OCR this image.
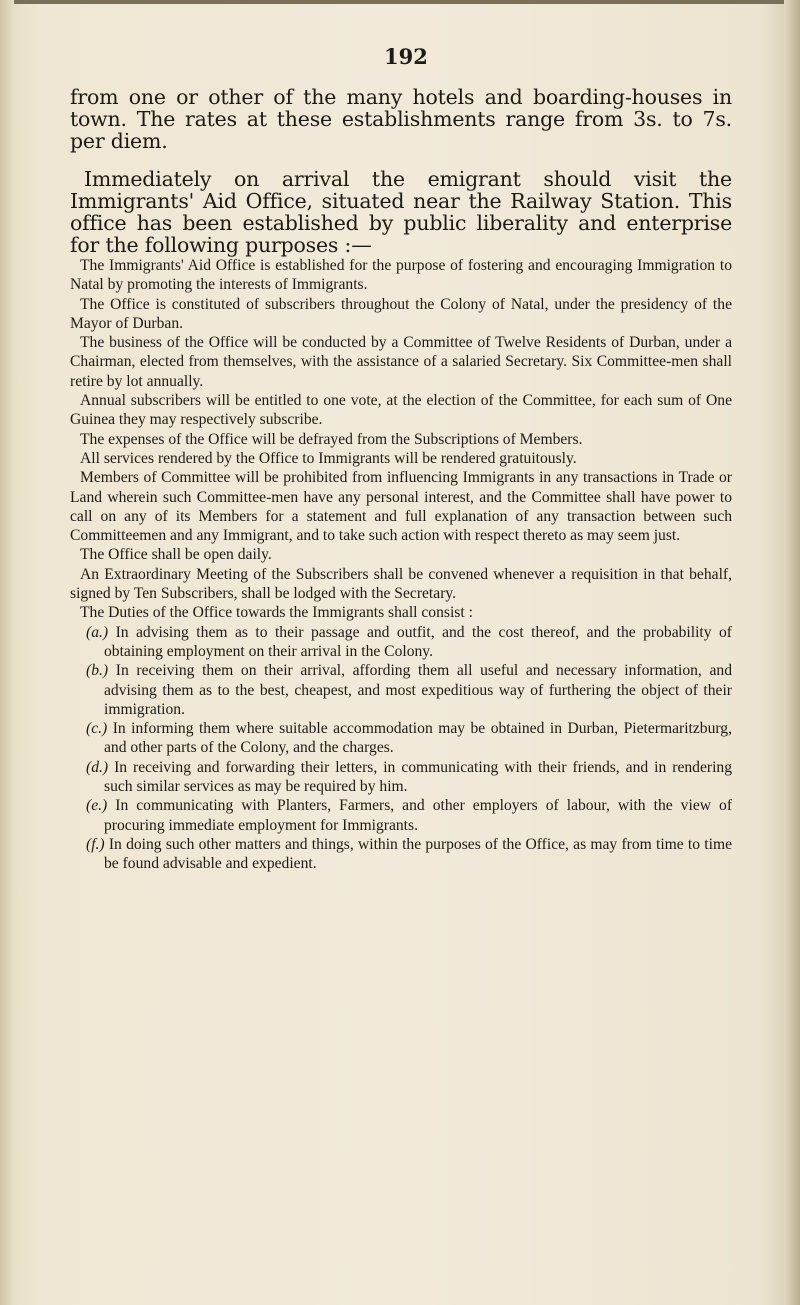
192

from one or other of the many hotels and boarding-houses in town. The rates at these establishments range from 3s. to 7s. per diem.

Immediately on arrival the emigrant should visit the Immigrants' Aid Office, situated near the Railway Station. This office has been established by public liberality and enterprise for the following purposes :—

The Immigrants' Aid Office is established for the purpose of fostering and encouraging Immigration to Natal by promoting the interests of Immigrants.

The Office is constituted of subscribers throughout the Colony of Natal, under the presidency of the Mayor of Durban.

The business of the Office will be conducted by a Committee of Twelve Residents of Durban, under a Chairman, elected from themselves, with the assistance of a salaried Secretary. Six Committee-men shall retire by lot annually.

Annual subscribers will be entitled to one vote, at the election of the Committee, for each sum of One Guinea they may respectively subscribe.

The expenses of the Office will be defrayed from the Subscriptions of Members.

All services rendered by the Office to Immigrants will be rendered gratuitously.

Members of Committee will be prohibited from influencing Immigrants in any transactions in Trade or Land wherein such Committee-men have any personal interest, and the Committee shall have power to call on any of its Members for a statement and full explanation of any transaction between such Committeemen and any Immigrant, and to take such action with respect thereto as may seem just.

The Office shall be open daily.

An Extraordinary Meeting of the Subscribers shall be convened whenever a requisition in that behalf, signed by Ten Subscribers, shall be lodged with the Secretary.

The Duties of the Office towards the Immigrants shall consist :

(a.) In advising them as to their passage and outfit, and the cost thereof, and the probability of obtaining employment on their arrival in the Colony.
(b.) In receiving them on their arrival, affording them all useful and necessary information, and advising them as to the best, cheapest, and most expeditious way of furthering the object of their immigration.
(c.) In informing them where suitable accommodation may be obtained in Durban, Pietermaritzburg, and other parts of the Colony, and the charges.
(d.) In receiving and forwarding their letters, in communicating with their friends, and in rendering such similar services as may be required by him.
(e.) In communicating with Planters, Farmers, and other employers of labour, with the view of procuring immediate employment for Immigrants.
(f.) In doing such other matters and things, within the purposes of the Office, as may from time to time be found advisable and expedient.
